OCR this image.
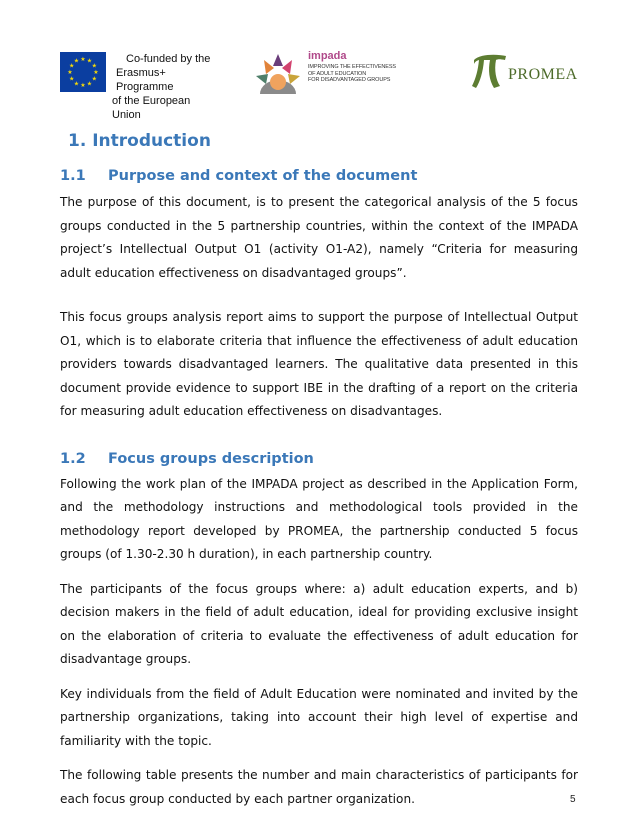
★ ★
★
★
★
★
★
★
★
★
★
★	Co-funded by the
Erasmus+ Programme
of the European Union
impada
IMPROVING THE EFFECTIVENESS
OF ADULT EDUCATION
FOR DISADVANTAGED GROUPS	PROMEA
1. Introduction
1.1 Purpose and context of the document

The purpose of this document, is to present the categorical analysis of the 5 focus groups conducted in the 5 partnership countries, within the context of the IMPADA project’s Intellectual Output O1 (activity O1-A2), namely “Criteria for measuring adult education effectiveness on disadvantaged groups”.

This focus groups analysis report aims to support the purpose of Intellectual Output O1, which is to elaborate criteria that influence the effectiveness of adult education providers towards disadvantaged learners. The qualitative data presented in this document provide evidence to support IBE in the drafting of a report on the criteria for measuring adult education effectiveness on disadvantages.

1.2 Focus groups description

Following the work plan of the IMPADA project as described in the Application Form, and the methodology instructions and methodological tools provided in the methodology report developed by PROMEA, the partnership conducted 5 focus groups (of 1.30-2.30 h duration), in each partnership country.

The participants of the focus groups where: a) adult education experts, and b) decision makers in the field of adult education, ideal for providing exclusive insight on the elaboration of criteria to evaluate the effectiveness of adult education for disadvantage groups.

Key individuals from the field of Adult Education were nominated and invited by the partnership organizations, taking into account their high level of expertise and familiarity with the topic.

The following table presents the number and main characteristics of participants for each focus group conducted by each partner organization.	5
